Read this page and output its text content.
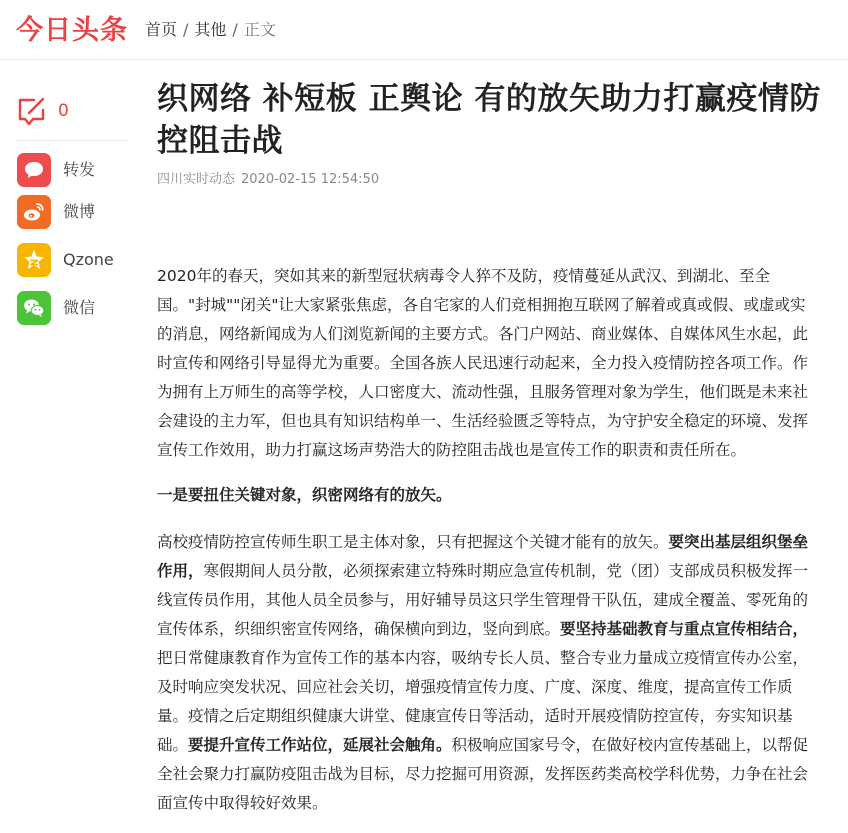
今日头条 首页 / 其他 / 正文
0
转发
微博
Qzone
微信
织网络 补短板 正舆论 有的放矢助力打赢疫情防控阻击战
四川实时动态 2020-02-15 12:54:50

2020年的春天，突如其来的新型冠状病毒令人猝不及防，疫情蔓延从武汉、到湖北、至全国。"封城""闭关"让大家紧张焦虑，各自宅家的人们竞相拥抱互联网了解着或真或假、或虚或实的消息，网络新闻成为人们浏览新闻的主要方式。各门户网站、商业媒体、自媒体风生水起，此时宣传和网络引导显得尤为重要。全国各族人民迅速行动起来，全力投入疫情防控各项工作。作为拥有上万师生的高等学校，人口密度大、流动性强，且服务管理对象为学生，他们既是未来社会建设的主力军，但也具有知识结构单一、生活经验匮乏等特点，为守护安全稳定的环境、发挥宣传工作效用，助力打赢这场声势浩大的防控阻击战也是宣传工作的职责和责任所在。

一是要扭住关键对象，织密网络有的放矢。

高校疫情防控宣传师生职工是主体对象，只有把握这个关键才能有的放矢。要突出基层组织堡垒作用，寒假期间人员分散，必须探索建立特殊时期应急宣传机制，党（团）支部成员积极发挥一线宣传员作用，其他人员全员参与，用好辅导员这只学生管理骨干队伍，建成全覆盖、零死角的宣传体系，织细织密宣传网络，确保横向到边，竖向到底。要坚持基础教育与重点宣传相结合，把日常健康教育作为宣传工作的基本内容，吸纳专长人员、整合专业力量成立疫情宣传办公室，及时响应突发状况、回应社会关切，增强疫情宣传力度、广度、深度、维度，提高宣传工作质量。疫情之后定期组织健康大讲堂、健康宣传日等活动，适时开展疫情防控宣传，夯实知识基础。要提升宣传工作站位，延展社会触角。积极响应国家号令，在做好校内宣传基础上，以帮促全社会聚力打赢防疫阻击战为目标，尽力挖掘可用资源，发挥医药类高校学科优势，力争在社会面宣传中取得较好效果。
